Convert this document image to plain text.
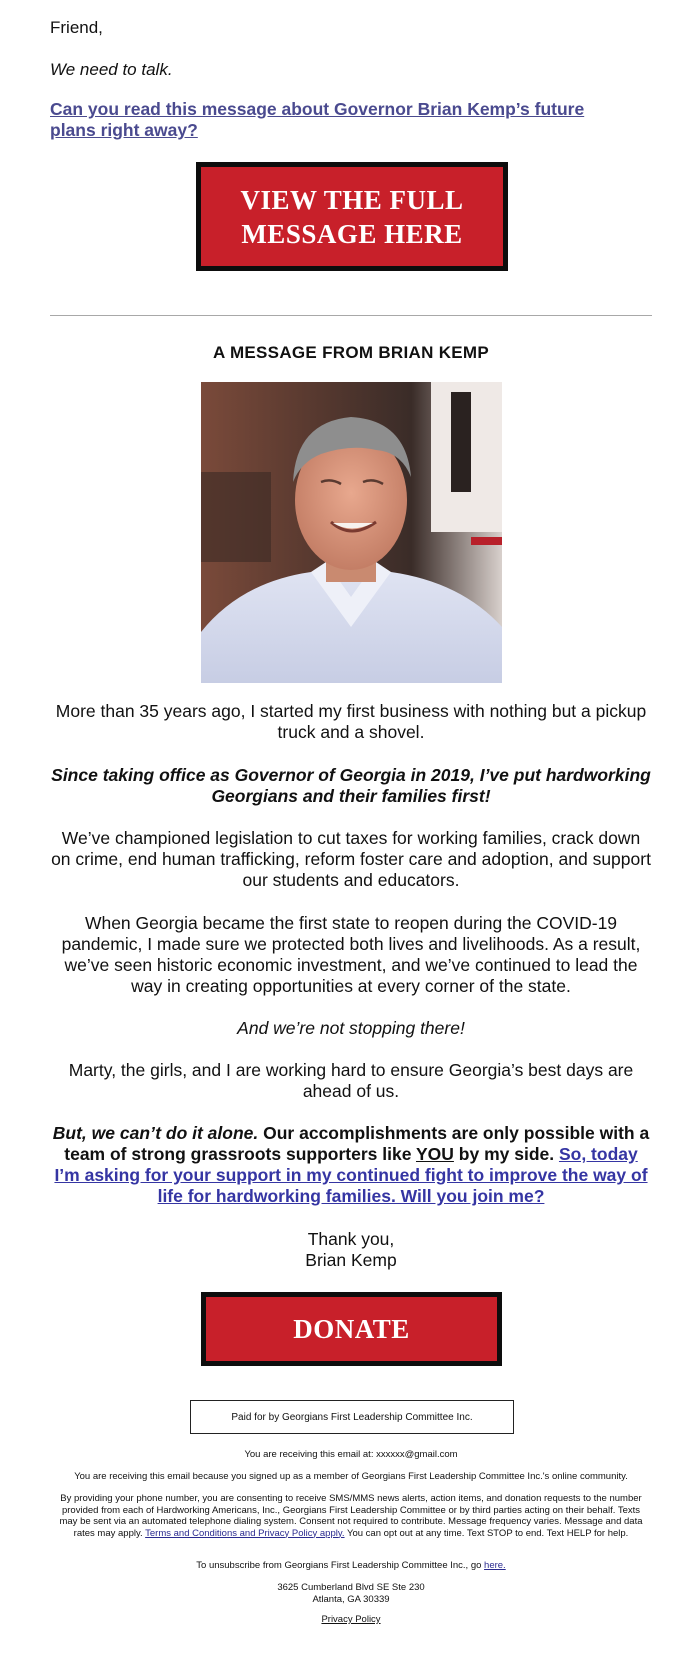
Friend,
We need to talk.
Can you read this message about Governor Brian Kemp’s future plans right away?
VIEW THE FULL
MESSAGE HERE
A MESSAGE FROM BRIAN KEMP

More than 35 years ago, I started my first business with nothing but a pickup truck and a shovel.

Since taking office as Governor of Georgia in 2019, I’ve put hardworking Georgians and their families first!

We’ve championed legislation to cut taxes for working families, crack down on crime, end human trafficking, reform foster care and adoption, and support our students and educators.

When Georgia became the first state to reopen during the COVID-19 pandemic, I made sure we protected both lives and livelihoods. As a result, we’ve seen historic economic investment, and we’ve continued to lead the way in creating opportunities at every corner of the state.

And we’re not stopping there!

Marty, the girls, and I are working hard to ensure Georgia’s best days are ahead of us.

But, we can’t do it alone. Our accomplishments are only possible with a team of strong grassroots supporters like YOU by my side. So, today I’m asking for your support in my continued fight to improve the way of life for hardworking families. Will you join me?

Thank you,
Brian Kemp

DONATE
Paid for by Georgians First Leadership Committee Inc.

You are receiving this email at: xxxxxx@gmail.com

You are receiving this email because you signed up as a member of Georgians First Leadership Committee Inc.'s online community.

By providing your phone number, you are consenting to receive SMS/MMS news alerts, action items, and donation requests to the number provided from each of Hardworking Americans, Inc., Georgians First Leadership Committee or by third parties acting on their behalf. Texts may be sent via an automated telephone dialing system. Consent not required to contribute. Message frequency varies. Message and data rates may apply. Terms and Conditions and Privacy Policy apply. You can opt out at any time. Text STOP to end. Text HELP for help.

To unsubscribe from Georgians First Leadership Committee Inc., go here.

3625 Cumberland Blvd SE Ste 230
Atlanta, GA 30339

Privacy Policy
